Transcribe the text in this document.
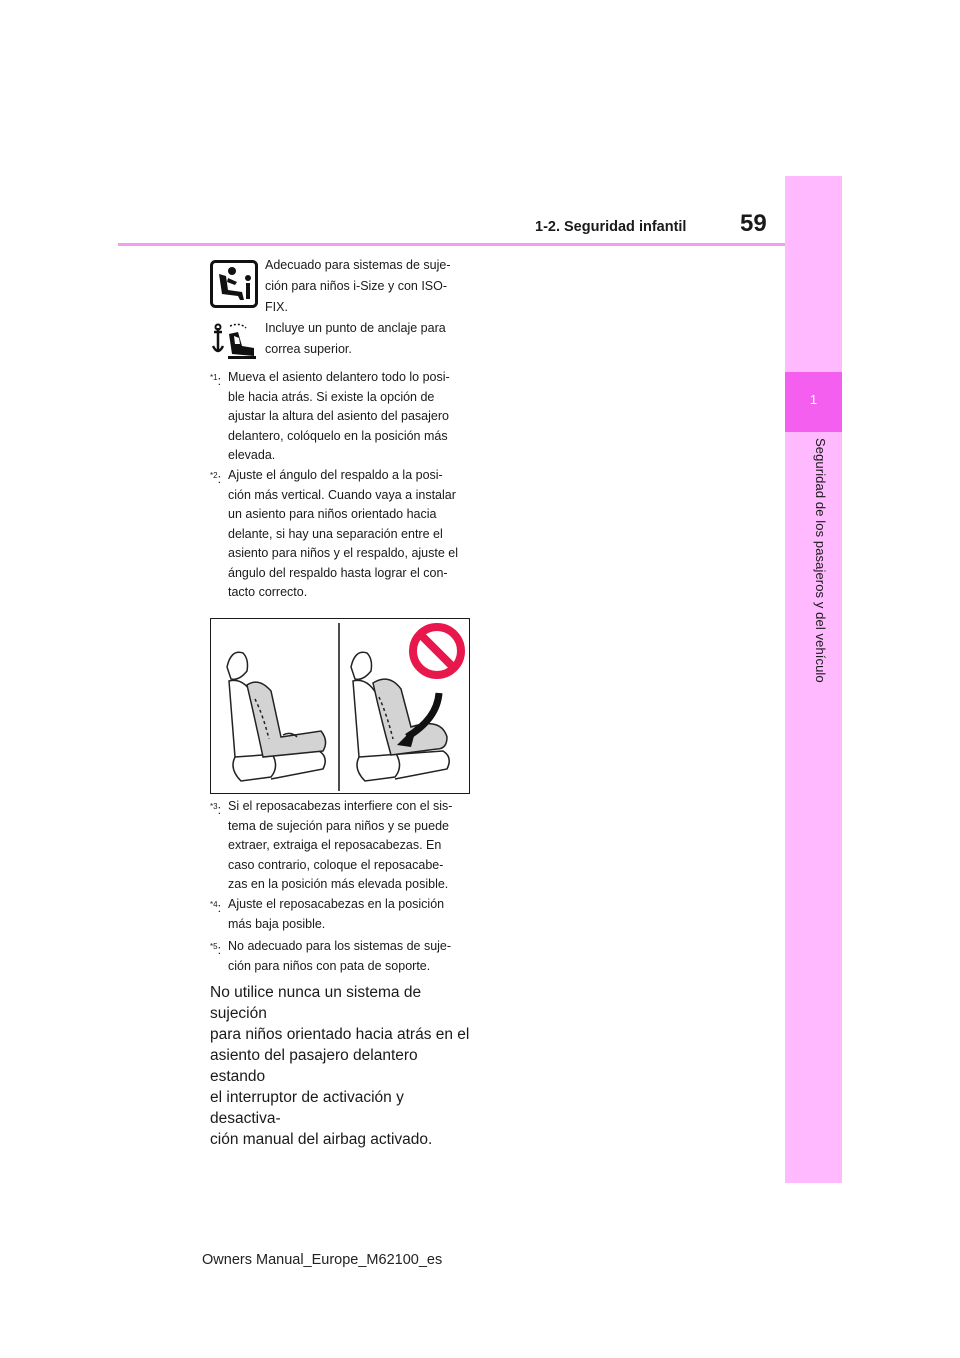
59
1-2. Seguridad infantil
1
Seguridad de los pasajeros y del vehículo
Adecuado para sistemas de suje-
ción para niños i-Size y con ISO-
FIX.
Incluye un punto de anclaje para
correa superior.
$^{*1}$: Mueva el asiento delantero todo lo posi-
ble hacia atrás. Si existe la opción de
ajustar la altura del asiento del pasajero
delantero, colóquelo en la posición más
elevada.
$^{*2}$: Ajuste el ángulo del respaldo a la posi-
ción más vertical. Cuando vaya a instalar
un asiento para niños orientado hacia
delante, si hay una separación entre el
asiento para niños y el respaldo, ajuste el
ángulo del respaldo hasta lograr el con-
tacto correcto.
$^{*3}$: Si el reposacabezas interfiere con el sis-
tema de sujeción para niños y se puede
extraer, extraiga el reposacabezas. En
caso contrario, coloque el reposacabe-
zas en la posición más elevada posible.
$^{*4}$: Ajuste el reposacabezas en la posición
más baja posible.
$^{*5}$: No adecuado para los sistemas de suje-
ción para niños con pata de soporte.
No utilice nunca un sistema de sujeción
para niños orientado hacia atrás en el
asiento del pasajero delantero estando
el interruptor de activación y desactiva-
ción manual del airbag activado.
Owners Manual_Europe_M62100_es
